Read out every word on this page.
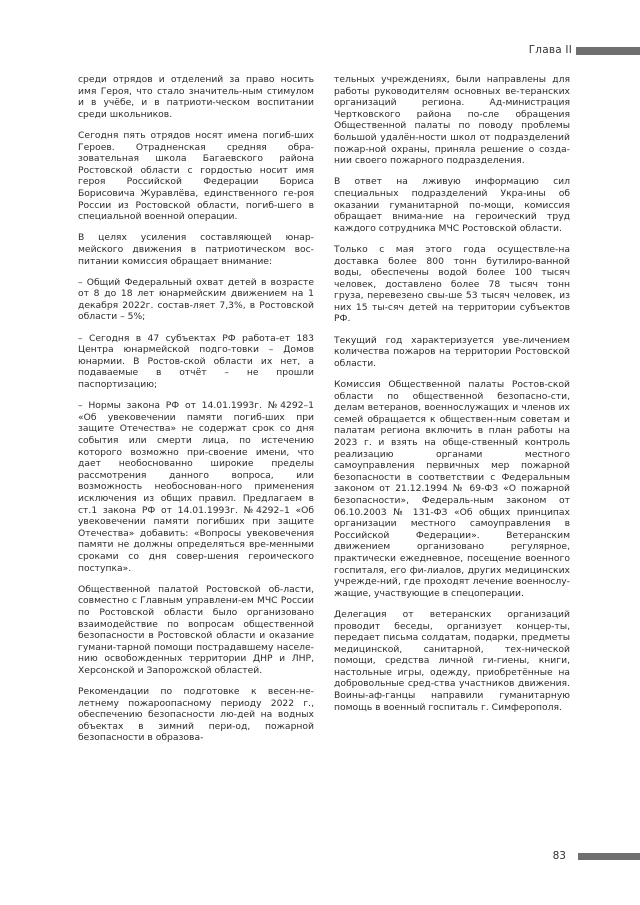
Глава II

среди отрядов и отделений за право носить имя Героя, что стало значитель-ным стимулом и в учёбе, и в патриоти-ческом воспитании среди школьников.

Сегодня пять отрядов носят имена погиб-ших Героев. Отрадненская средняя обра-зовательная школа Багаевского района Ростовской области с гордостью носит имя героя Российской Федерации Бориса Борисовича Журавлёва, единственного ге-роя России из Ростовской области, погиб-шего в специальной военной операции.

В целях усиления составляющей юнар-мейского движения в патриотическом вос-питании комиссия обращает внимание:

– Общий Федеральный охват детей в возрасте от 8 до 18 лет юнармейским движением на 1 декабря 2022г. состав-ляет 7,3%, в Ростовской области – 5%;

– Сегодня в 47 субъектах РФ работа-ет 183 Центра юнармейской подго-товки – Домов юнармии. В Ростов-ской области их нет, а подаваемые в отчёт – не прошли паспортизацию;

– Нормы закона РФ от 14.01.1993г. №4292–1 «Об увековечении памяти погиб-ших при защите Отечества» не содержат срок со дня события или смерти лица, по истечению которого возможно при-своение имени, что дает необоснованно широкие пределы рассмотрения данного вопроса, или возможность необоснован-ного применения исключения из общих правил. Предлагаем в ст.1 закона РФ от 14.01.1993г. №4292–1 «Об увековечении памяти погибших при защите Отечества» добавить: «Вопросы увековечения памяти не должны определяться вре-менными сроками со дня совер-шения героического поступка».

Общественной палатой Ростовской об-ласти, совместно с Главным управлени-ем МЧС России по Ростовской области было организовано взаимодействие по вопросам общественной безопасности в Ростовской области и оказание гумани-тарной помощи пострадавшему населе-нию освобожденных территории ДНР и ЛНР, Херсонской и Запорожской областей.

Рекомендации по подготовке к весен-не-летнему пожароопасному периоду 2022 г., обеспечению безопасности лю-дей на водных объектах в зимний пери-од, пожарной безопасности в образова-

тельных учреждениях, были направлены для работы руководителям основных ве-теранских организаций региона. Ад-министрация Чертковского района по-сле обращения Общественной палаты по поводу проблемы большой удалён-ности школ от подразделений пожар-ной охраны, приняла решение о созда-нии своего пожарного подразделения.

В ответ на лживую информацию сил специальных подразделений Укра-ины об оказании гуманитарной по-мощи, комиссия обращает внима-ние на героический труд каждого сотрудника МЧС Ростовской области.

Только с мая этого года осуществле-на доставка более 800 тонн бутилиро-ванной воды, обеспечены водой более 100 тысяч человек, доставлено более 78 тысяч тонн груза, перевезено свы-ше 53 тысяч человек, из них 15 ты-сяч детей на территории субъектов РФ.

Текущий год характеризуется уве-личением количества пожаров на территории Ростовской области.

Комиссия Общественной палаты Ростов-ской области по общественной безопасно-сти, делам ветеранов, военнослужащих и членов их семей обращается к обществен-ным советам и палатам региона включить в план работы на 2023 г. и взять на обще-ственный контроль реализацию органами местного самоуправления первичных мер пожарной безопасности в соответствии с Федеральным законом от 21.12.1994 № 69-ФЗ «О пожарной безопасности», Федераль-ным законом от 06.10.2003 № 131-ФЗ «Об общих принципах организации местного самоуправления в Российской Федерации». Ветеранским движением организовано регулярное, практически ежедневное, посещение военного госпиталя, его фи-лиалов, других медицинских учрежде-ний, где проходят лечение военнослу-жащие, участвующие в спецоперации.

Делегация от ветеранских организаций проводит беседы, организует концер-ты, передает письма солдатам, подарки, предметы медицинской, санитарной, тех-нической помощи, средства личной ги-гиены, книги, настольные игры, одежду, приобретённые на добровольные сред-ства участников движения. Воины-аф-ганцы направили гуманитарную помощь в военный госпиталь г. Симферополя.

83
